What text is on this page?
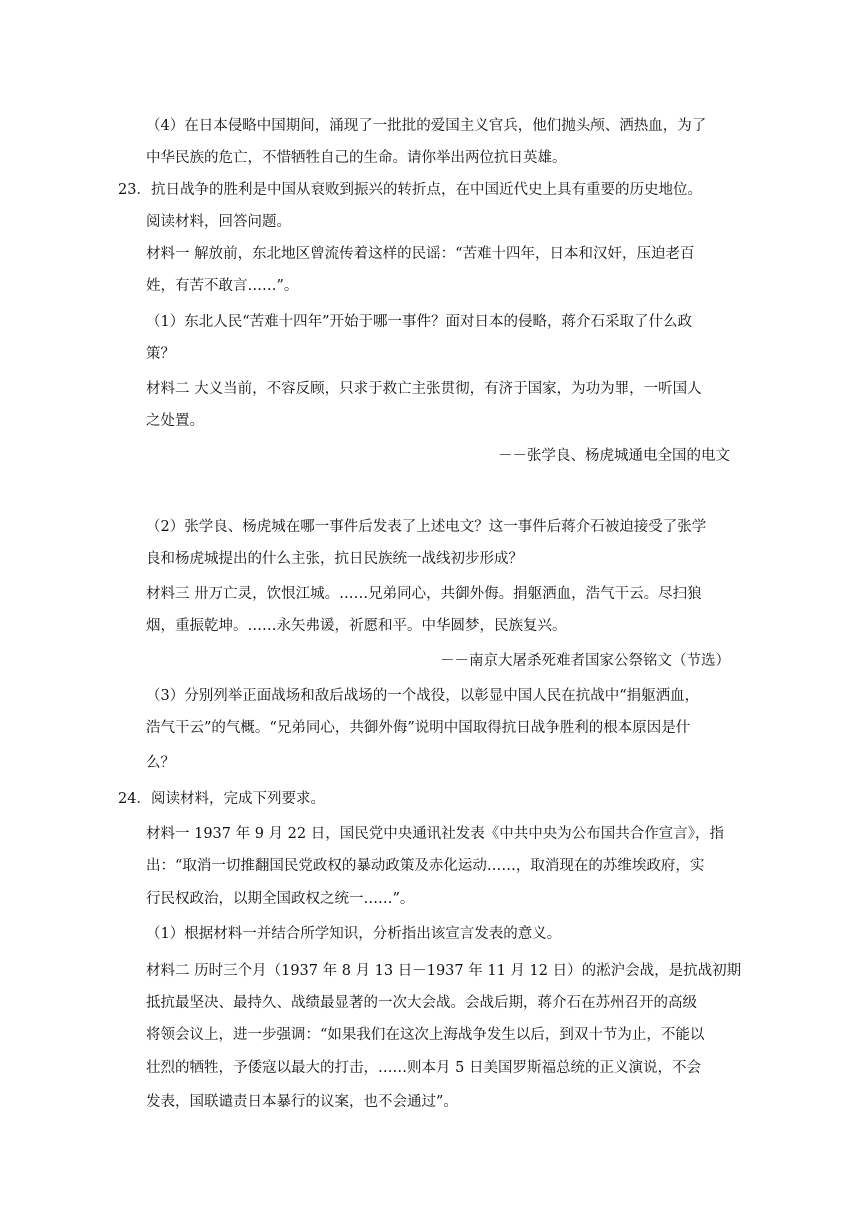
（4）在日本侵略中国期间，涌现了一批批的爱国主义官兵，他们抛头颅、洒热血，为了
中华民族的危亡，不惜牺牲自己的生命。请你举出两位抗日英雄。
23．抗日战争的胜利是中国从衰败到振兴的转折点，在中国近代史上具有重要的历史地位。
阅读材料，回答问题。
材料一 解放前，东北地区曾流传着这样的民谣：“苦难十四年，日本和汉奸，压迫老百
姓，有苦不敢言……”。
（1）东北人民“苦难十四年”开始于哪一事件？面对日本的侵略，蒋介石采取了什么政
策？
材料二 大义当前，不容反顾，只求于救亡主张贯彻，有济于国家，为功为罪，一听国人
之处置。
－－张学良、杨虎城通电全国的电文
（2）张学良、杨虎城在哪一事件后发表了上述电文？这一事件后蒋介石被迫接受了张学
良和杨虎城提出的什么主张，抗日民族统一战线初步形成？
材料三 卅万亡灵，饮恨江城。……兄弟同心，共御外侮。捐躯洒血，浩气干云。尽扫狼
烟，重振乾坤。……永矢弗谖，祈愿和平。中华圆梦，民族复兴。
－－南京大屠杀死难者国家公祭铭文（节选）
（3）分别列举正面战场和敌后战场的一个战役，以彰显中国人民在抗战中“捐躯洒血，
浩气干云”的气概。“兄弟同心，共御外侮”说明中国取得抗日战争胜利的根本原因是什
么？
24．阅读材料，完成下列要求。
材料一 1937 年 9 月 22 日，国民党中央通讯社发表《中共中央为公布国共合作宣言》，指
出：“取消一切推翻国民党政权的暴动政策及赤化运动……，取消现在的苏维埃政府，实
行民权政治，以期全国政权之统一……”。
（1）根据材料一并结合所学知识，分析指出该宣言发表的意义。
材料二 历时三个月（1937 年 8 月 13 日－1937 年 11 月 12 日）的淞沪会战，是抗战初期
抵抗最坚决、最持久、战绩最显著的一次大会战。会战后期，蒋介石在苏州召开的高级
将领会议上，进一步强调：“如果我们在这次上海战争发生以后，到双十节为止，不能以
壮烈的牺牲，予倭寇以最大的打击，……则本月 5 日美国罗斯福总统的正义演说，不会
发表，国联谴责日本暴行的议案，也不会通过”。
